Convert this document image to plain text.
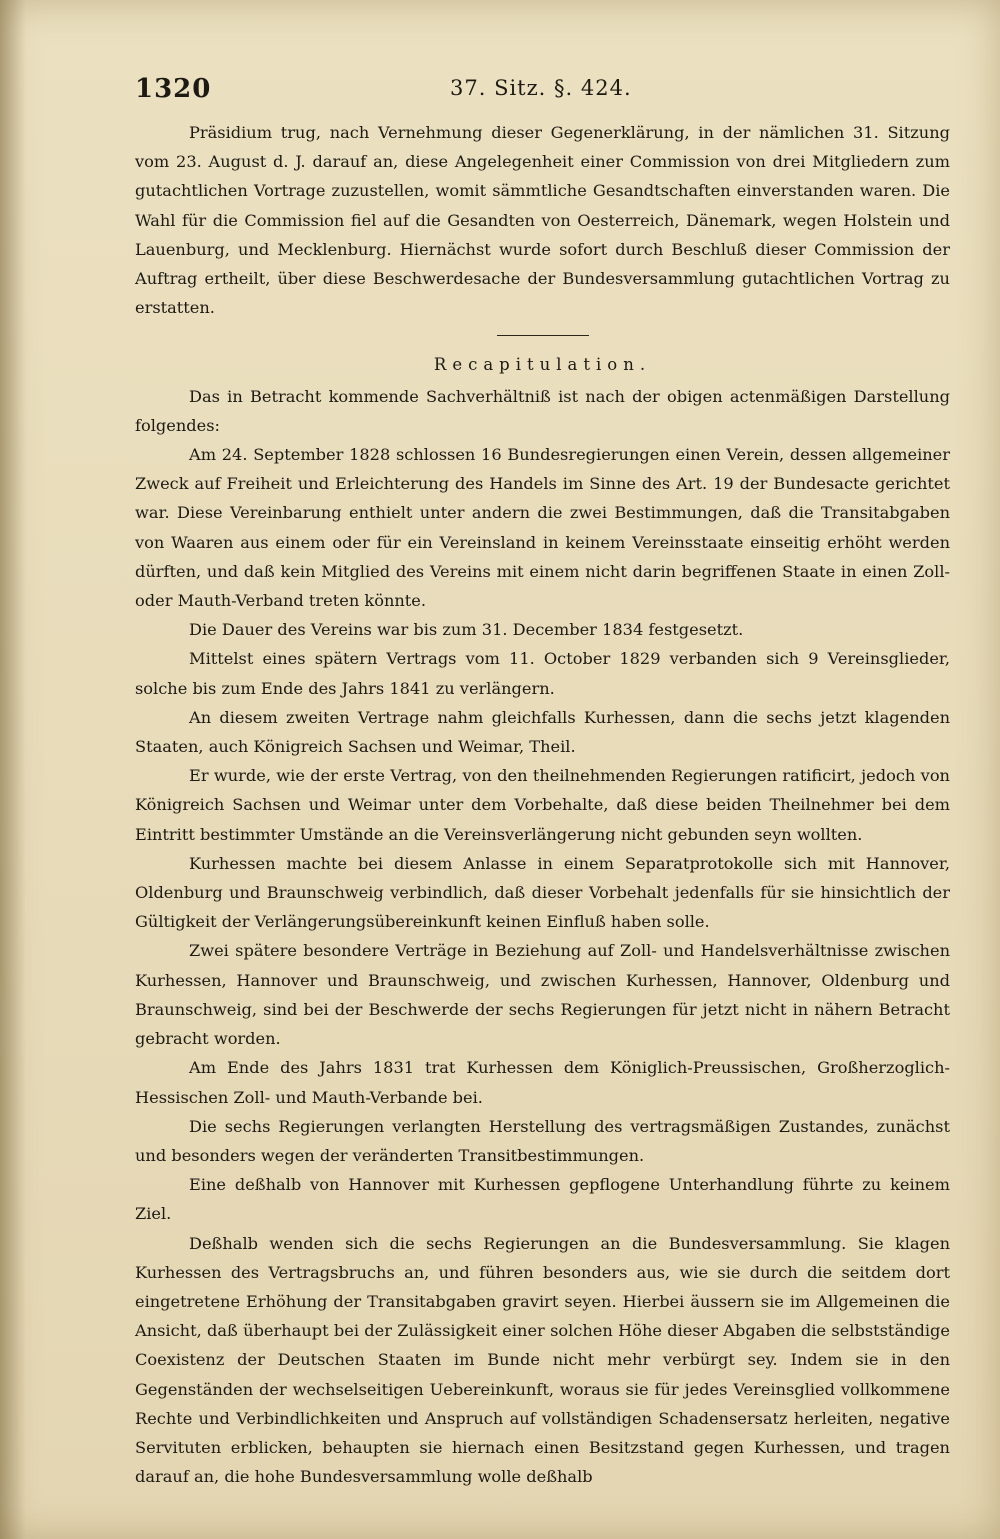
1320	37. Sitz. §. 424.

Präsidium trug, nach Vernehmung dieser Gegenerklärung, in der nämlichen 31. Sitzung vom 23. August d. J. darauf an, diese Angelegenheit einer Commission von drei Mitgliedern zum gutachtlichen Vortrage zuzustellen, womit sämmtliche Gesandtschaften einverstanden waren. Die Wahl für die Commission fiel auf die Gesandten von Oesterreich, Dänemark, wegen Holstein und Lauenburg, und Mecklenburg. Hiernächst wurde sofort durch Beschluß dieser Commission der Auftrag ertheilt, über diese Beschwerdesache der Bundesversammlung gutachtlichen Vortrag zu erstatten.

Recapitulation.

Das in Betracht kommende Sachverhältniß ist nach der obigen actenmäßigen Darstellung folgendes:

Am 24. September 1828 schlossen 16 Bundesregierungen einen Verein, dessen allgemeiner Zweck auf Freiheit und Erleichterung des Handels im Sinne des Art. 19 der Bundesacte gerichtet war. Diese Vereinbarung enthielt unter andern die zwei Bestimmungen, daß die Transitabgaben von Waaren aus einem oder für ein Vereinsland in keinem Vereinsstaate einseitig erhöht werden dürften, und daß kein Mitglied des Vereins mit einem nicht darin begriffenen Staate in einen Zoll- oder Mauth-Verband treten könnte.

Die Dauer des Vereins war bis zum 31. December 1834 festgesetzt.

Mittelst eines spätern Vertrags vom 11. October 1829 verbanden sich 9 Vereinsglieder, solche bis zum Ende des Jahrs 1841 zu verlängern.

An diesem zweiten Vertrage nahm gleichfalls Kurhessen, dann die sechs jetzt klagenden Staaten, auch Königreich Sachsen und Weimar, Theil.

Er wurde, wie der erste Vertrag, von den theilnehmenden Regierungen ratificirt, jedoch von Königreich Sachsen und Weimar unter dem Vorbehalte, daß diese beiden Theilnehmer bei dem Eintritt bestimmter Umstände an die Vereinsverlängerung nicht gebunden seyn wollten.

Kurhessen machte bei diesem Anlasse in einem Separatprotokolle sich mit Hannover, Oldenburg und Braunschweig verbindlich, daß dieser Vorbehalt jedenfalls für sie hinsichtlich der Gültigkeit der Verlängerungsübereinkunft keinen Einfluß haben solle.

Zwei spätere besondere Verträge in Beziehung auf Zoll- und Handelsverhältnisse zwischen Kurhessen, Hannover und Braunschweig, und zwischen Kurhessen, Hannover, Oldenburg und Braunschweig, sind bei der Beschwerde der sechs Regierungen für jetzt nicht in nähern Betracht gebracht worden.

Am Ende des Jahrs 1831 trat Kurhessen dem Königlich-Preussischen, Großherzoglich-Hessischen Zoll- und Mauth-Verbande bei.

Die sechs Regierungen verlangten Herstellung des vertragsmäßigen Zustandes, zunächst und besonders wegen der veränderten Transitbestimmungen.

Eine deßhalb von Hannover mit Kurhessen gepflogene Unterhandlung führte zu keinem Ziel.

Deßhalb wenden sich die sechs Regierungen an die Bundesversammlung. Sie klagen Kurhessen des Vertragsbruchs an, und führen besonders aus, wie sie durch die seitdem dort eingetretene Erhöhung der Transitabgaben gravirt seyen. Hierbei äussern sie im Allgemeinen die Ansicht, daß überhaupt bei der Zulässigkeit einer solchen Höhe dieser Abgaben die selbstständige Coexistenz der Deutschen Staaten im Bunde nicht mehr verbürgt sey. Indem sie in den Gegenständen der wechselseitigen Uebereinkunft, woraus sie für jedes Vereinsglied vollkommene Rechte und Verbindlichkeiten und Anspruch auf vollständigen Schadensersatz herleiten, negative Servituten erblicken, behaupten sie hiernach einen Besitzstand gegen Kurhessen, und tragen darauf an, die hohe Bundesversammlung wolle deßhalb
